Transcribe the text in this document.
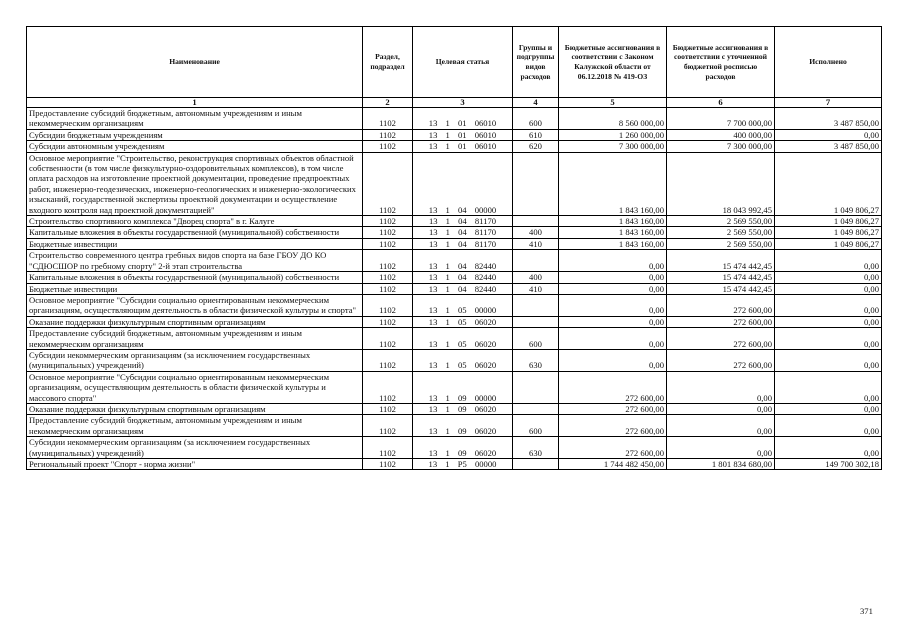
Наименование	Раздел, подраздел	Целевая статья	Группы и подгруппы видов расходов	Бюджетные ассигнования в соответствии с Законом Калужской области от 06.12.2018 № 419-ОЗ	Бюджетные ассигнования в соответствии с уточненной бюджетной росписью расходов	Исполнено
1	2	3	4	5	6	7
Предоставление субсидий бюджетным, автономным учреждениям и иным некоммерческим организациям	1102	13 1 01 06010	600	8 560 000,00	7 700 000,00	3 487 850,00
Субсидии бюджетным учреждениям	1102	13 1 01 06010	610	1 260 000,00	400 000,00	0,00
Субсидии автономным учреждениям	1102	13 1 01 06010	620	7 300 000,00	7 300 000,00	3 487 850,00
Основное мероприятие "Строительство, реконструкция спортивных объектов областной собственности (в том числе физкультурно-оздоровительных комплексов), в том числе оплата расходов на изготовление проектной документации, проведение предпроектных работ, инженерно-геодезических, инженерно-геологических и инженерно-экологических изысканий, государственной экспертизы проектной документации и осуществление входного контроля над проектной документацией"	1102	13 1 04 00000		1 843 160,00	18 043 992,45	1 049 806,27
Строительство спортивного комплекса "Дворец спорта" в г. Калуге	1102	13 1 04 81170		1 843 160,00	2 569 550,00	1 049 806,27
Капитальные вложения в объекты государственной (муниципальной) собственности	1102	13 1 04 81170	400	1 843 160,00	2 569 550,00	1 049 806,27
Бюджетные инвестиции	1102	13 1 04 81170	410	1 843 160,00	2 569 550,00	1 049 806,27
Строительство современного центра гребных видов спорта на базе ГБОУ ДО КО "СДЮСШОР по гребному спорту" 2-й этап строительства	1102	13 1 04 82440		0,00	15 474 442,45	0,00
Капитальные вложения в объекты государственной (муниципальной) собственности	1102	13 1 04 82440	400	0,00	15 474 442,45	0,00
Бюджетные инвестиции	1102	13 1 04 82440	410	0,00	15 474 442,45	0,00
Основное мероприятие "Субсидии социально ориентированным некоммерческим организациям, осуществляющим деятельность в области физической культуры и спорта"	1102	13 1 05 00000		0,00	272 600,00	0,00
Оказание поддержки физкультурным спортивным организациям	1102	13 1 05 06020		0,00	272 600,00	0,00
Предоставление субсидий бюджетным, автономным учреждениям и иным некоммерческим организациям	1102	13 1 05 06020	600	0,00	272 600,00	0,00
Субсидии некоммерческим организациям (за исключением государственных (муниципальных) учреждений)	1102	13 1 05 06020	630	0,00	272 600,00	0,00
Основное мероприятие "Субсидии социально ориентированным некоммерческим организациям, осуществляющим деятельность в области физической культуры и массового спорта"	1102	13 1 09 00000		272 600,00	0,00	0,00
Оказание поддержки физкультурным спортивным организациям	1102	13 1 09 06020		272 600,00	0,00	0,00
Предоставление субсидий бюджетным, автономным учреждениям и иным некоммерческим организациям	1102	13 1 09 06020	600	272 600,00	0,00	0,00
Субсидии некоммерческим организациям (за исключением государственных (муниципальных) учреждений)	1102	13 1 09 06020	630	272 600,00	0,00	0,00
Региональный проект "Спорт - норма жизни"	1102	13 1 P5 00000		1 744 482 450,00	1 801 834 680,00	149 700 302,18
371
